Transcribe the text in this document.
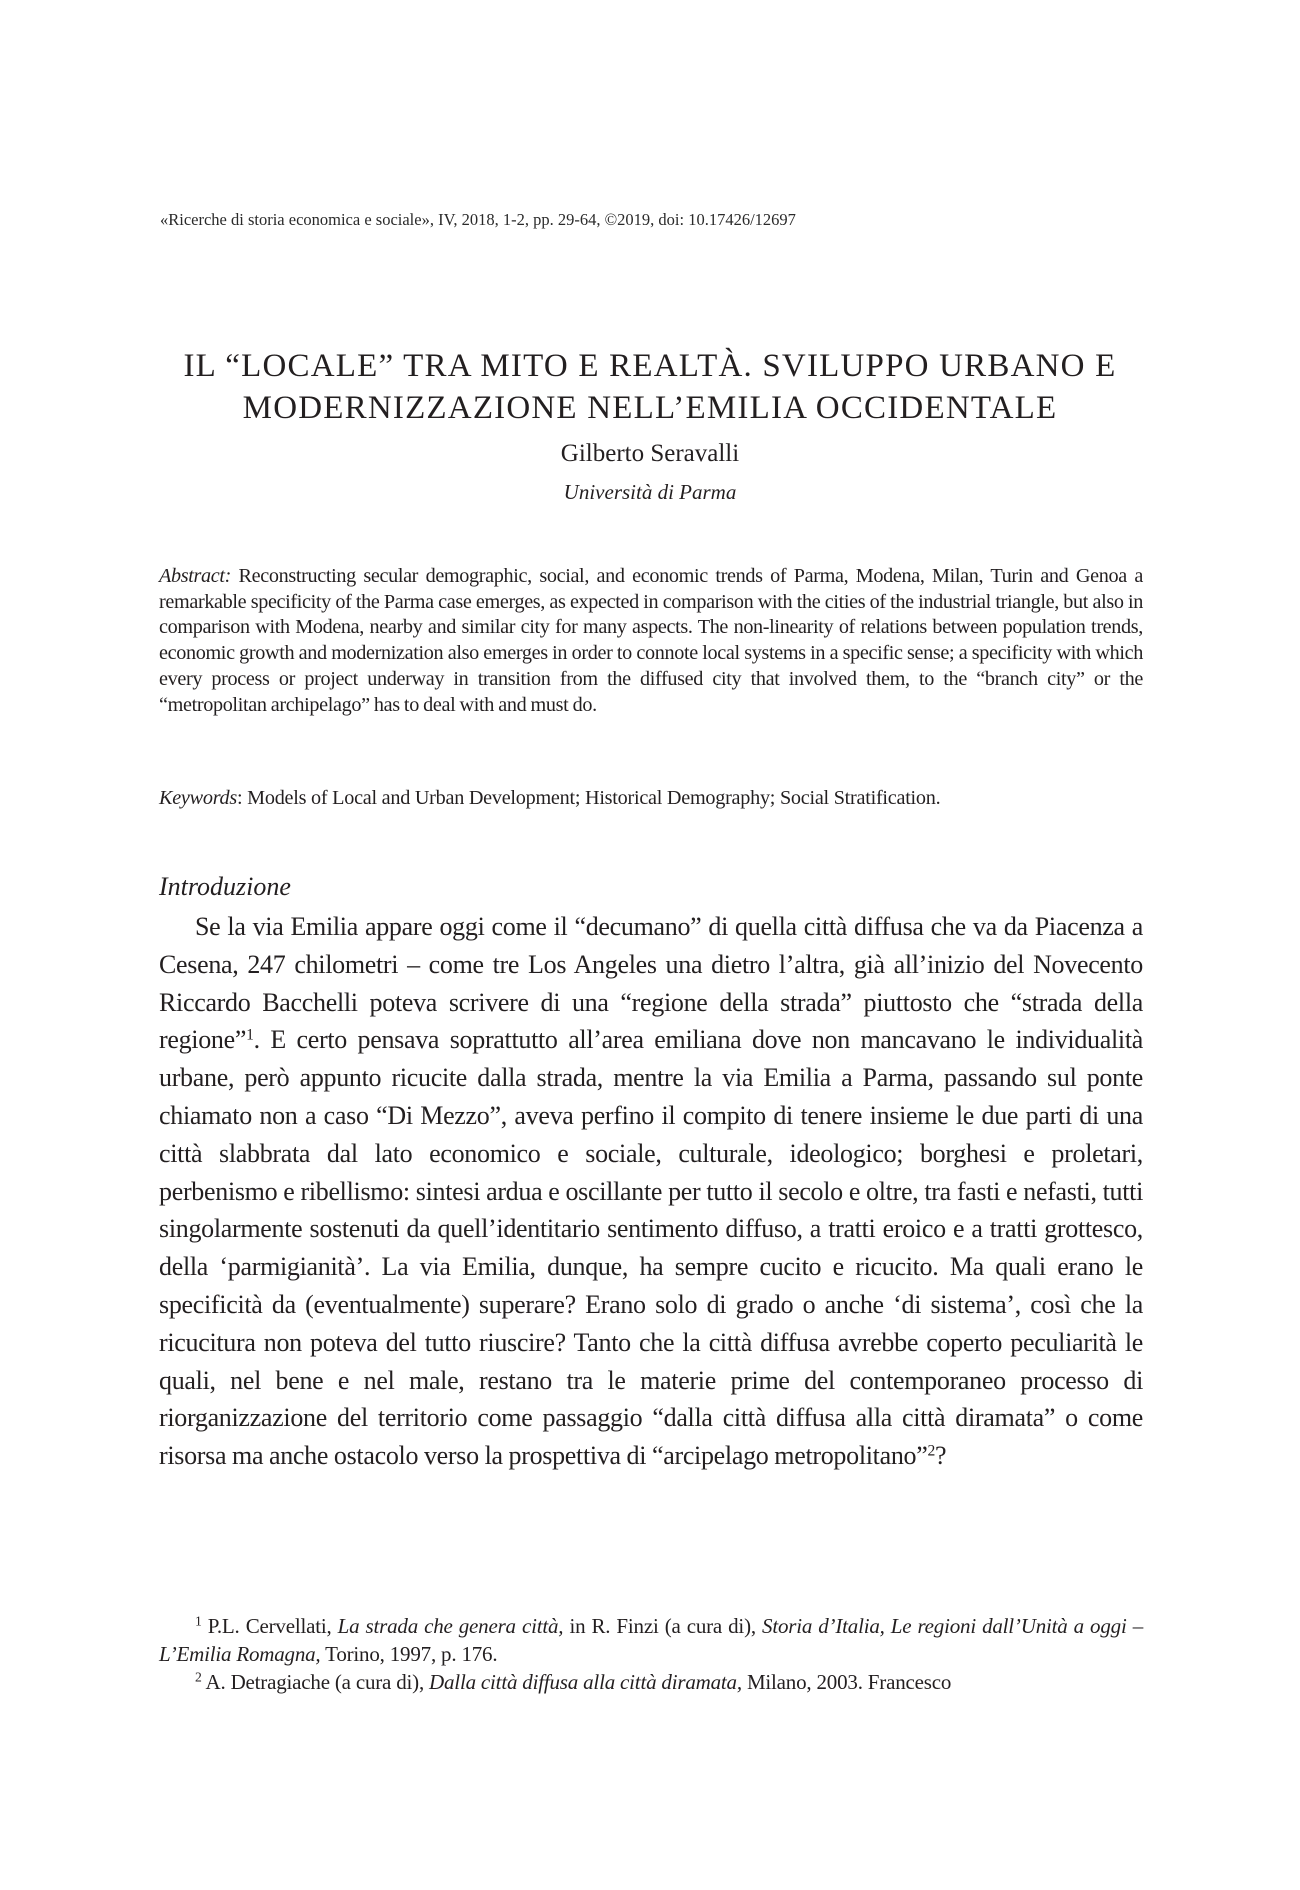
«Ricerche di storia economica e sociale», IV, 2018, 1-2, pp. 29-64, ©2019, doi: 10.17426/12697
IL “LOCALE” TRA MITO E REALTÀ. SVILUPPO URBANO E
MODERNIZZAZIONE NELL’EMILIA OCCIDENTALE
Gilberto Seravalli
Università di Parma

Abstract: Reconstructing secular demographic, social, and economic trends of Parma, Modena, Milan, Turin and Genoa a remarkable specificity of the Parma case emerges, as expected in comparison with the cities of the industrial triangle, but also in comparison with Modena, nearby and similar city for many aspects. The non-linearity of relations between population trends, economic growth and modernization also emerges in order to connote local systems in a specific sense; a specificity with which every process or project underway in transition from the diffused city that involved them, to the “branch city” or the “metropolitan archipelago” has to deal with and must do.

Keywords: Models of Local and Urban Development; Historical Demography; Social Stratification.

Introduzione

Se la via Emilia appare oggi come il “decumano” di quella città diffusa che va da Piacenza a Cesena, 247 chilometri – come tre Los Angeles una dietro l’altra, già all’inizio del Novecento Riccardo Bacchelli poteva scrivere di una “regione della strada” piuttosto che “strada della regione”$^1$. E certo pensava soprattutto all’area emiliana dove non mancavano le individualità urbane, però appunto ricucite dalla strada, mentre la via Emilia a Parma, passando sul ponte chiamato non a caso “Di Mezzo”, aveva perfino il compito di tenere insieme le due parti di una città slabbrata dal lato economico e sociale, culturale, ideologico; borghesi e proletari, perbenismo e ribellismo: sintesi ardua e oscillante per tutto il secolo e oltre, tra fasti e nefasti, tutti singolarmente sostenuti da quell’identitario sentimento diffuso, a tratti eroico e a tratti grottesco, della ‘parmigianità’. La via Emilia, dunque, ha sempre cucito e ricucito. Ma quali erano le specificità da (eventualmente) superare? Erano solo di grado o anche ‘di sistema’, così che la ricucitura non poteva del tutto riuscire? Tanto che la città diffusa avrebbe coperto peculiarità le quali, nel bene e nel male, restano tra le materie prime del contemporaneo processo di riorganizzazione del territorio come passaggio “dalla città diffusa alla città diramata” o come risorsa ma anche ostacolo verso la prospettiva di “arcipelago metropolitano”$^2$?

$^1$ P.L. Cervellati, La strada che genera città, in R. Finzi (a cura di), Storia d’Italia, Le regioni dall’Unità a oggi – L’Emilia Romagna, Torino, 1997, p. 176.

$^2$ A. Detragiache (a cura di), Dalla città diffusa alla città diramata, Milano, 2003. Francesco
